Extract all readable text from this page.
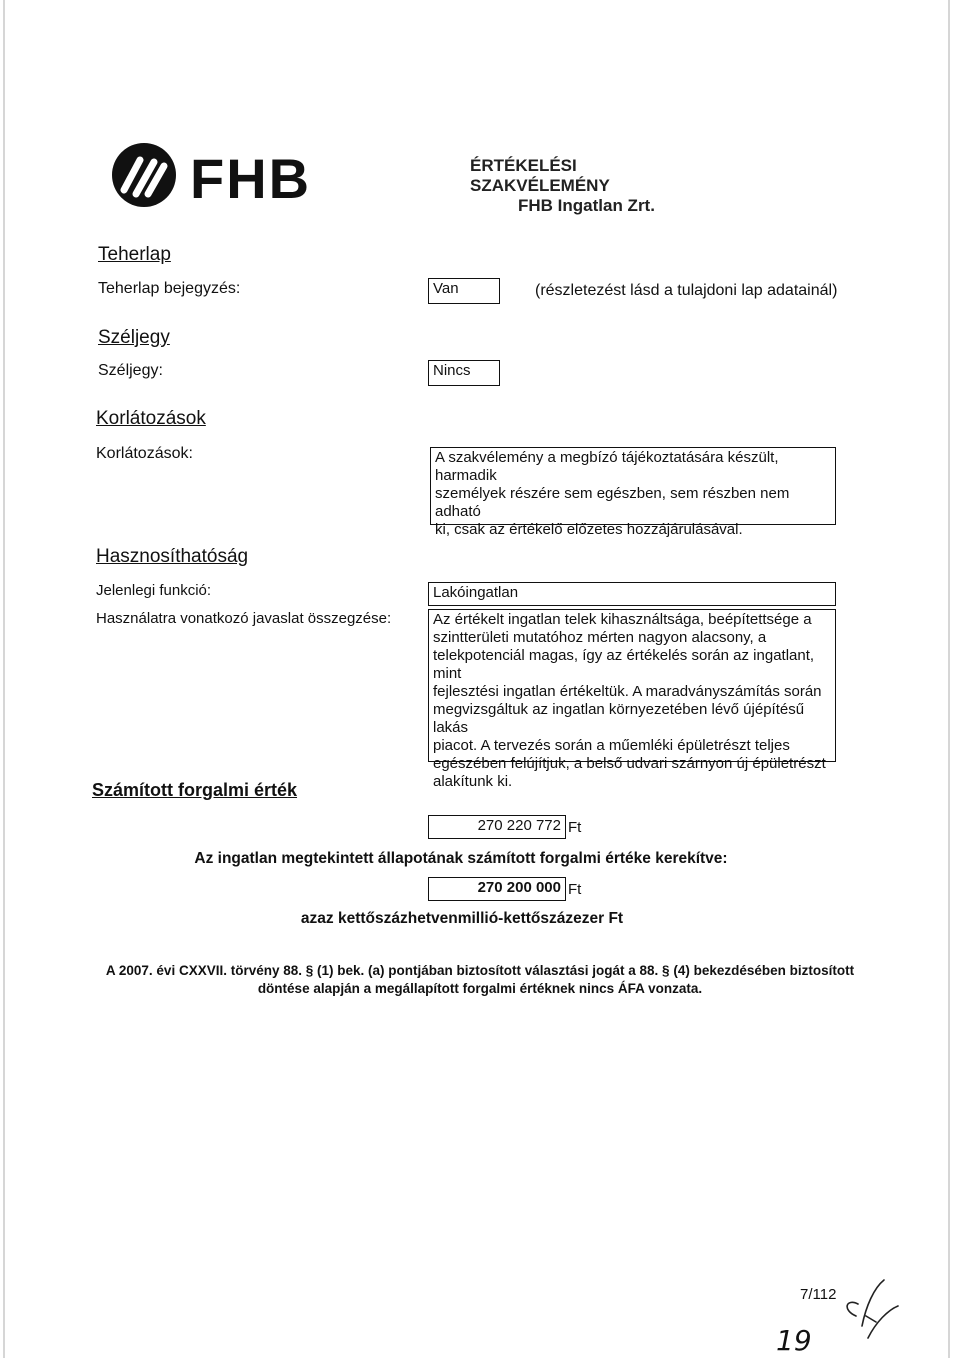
FHB	ÉRTÉKELÉSI SZAKVÉLEMÉNY
FHB Ingatlan Zrt.
Teherlap
Teherlap bejegyzés:	Van	(részletezést lásd a tulajdoni lap adatainál)
Széljegy
Széljegy:	Nincs
Korlátozások
Korlátozások:	A szakvélemény a megbízó tájékoztatására készült, harmadik
személyek részére sem egészben, sem részben nem adható
ki, csak az értékelő előzetes hozzájárulásával.
Hasznosíthatóság
Jelenlegi funkció:	Lakóingatlan
Használatra vonatkozó javaslat összegzése:	Az értékelt ingatlan telek kihasználtsága, beépítettsége a
szintterületi mutatóhoz mérten nagyon alacsony, a
telekpotenciál magas, így az értékelés során az ingatlant, mint
fejlesztési ingatlan értékeltük. A maradványszámítás során
megvizsgáltuk az ingatlan környezetében lévő újépítésű lakás
piacot. A tervezés során a műemléki épületrészt teljes
egészében felújítjuk, a belső udvari szárnyon új épületrészt
alakítunk ki.
Számított forgalmi érték
270 220 772 Ft
Az ingatlan megtekintett állapotának számított forgalmi értéke kerekítve:
270 200 000 Ft
azaz kettőszázhetvenmillió-kettőszázezer Ft
A 2007. évi CXXVII. törvény 88. § (1) bek. (a) pontjában biztosított választási jogát a 88. § (4) bekezdésében biztosított
döntése alapján a megállapított forgalmi értéknek nincs ÁFA vonzata.
7/112
19
